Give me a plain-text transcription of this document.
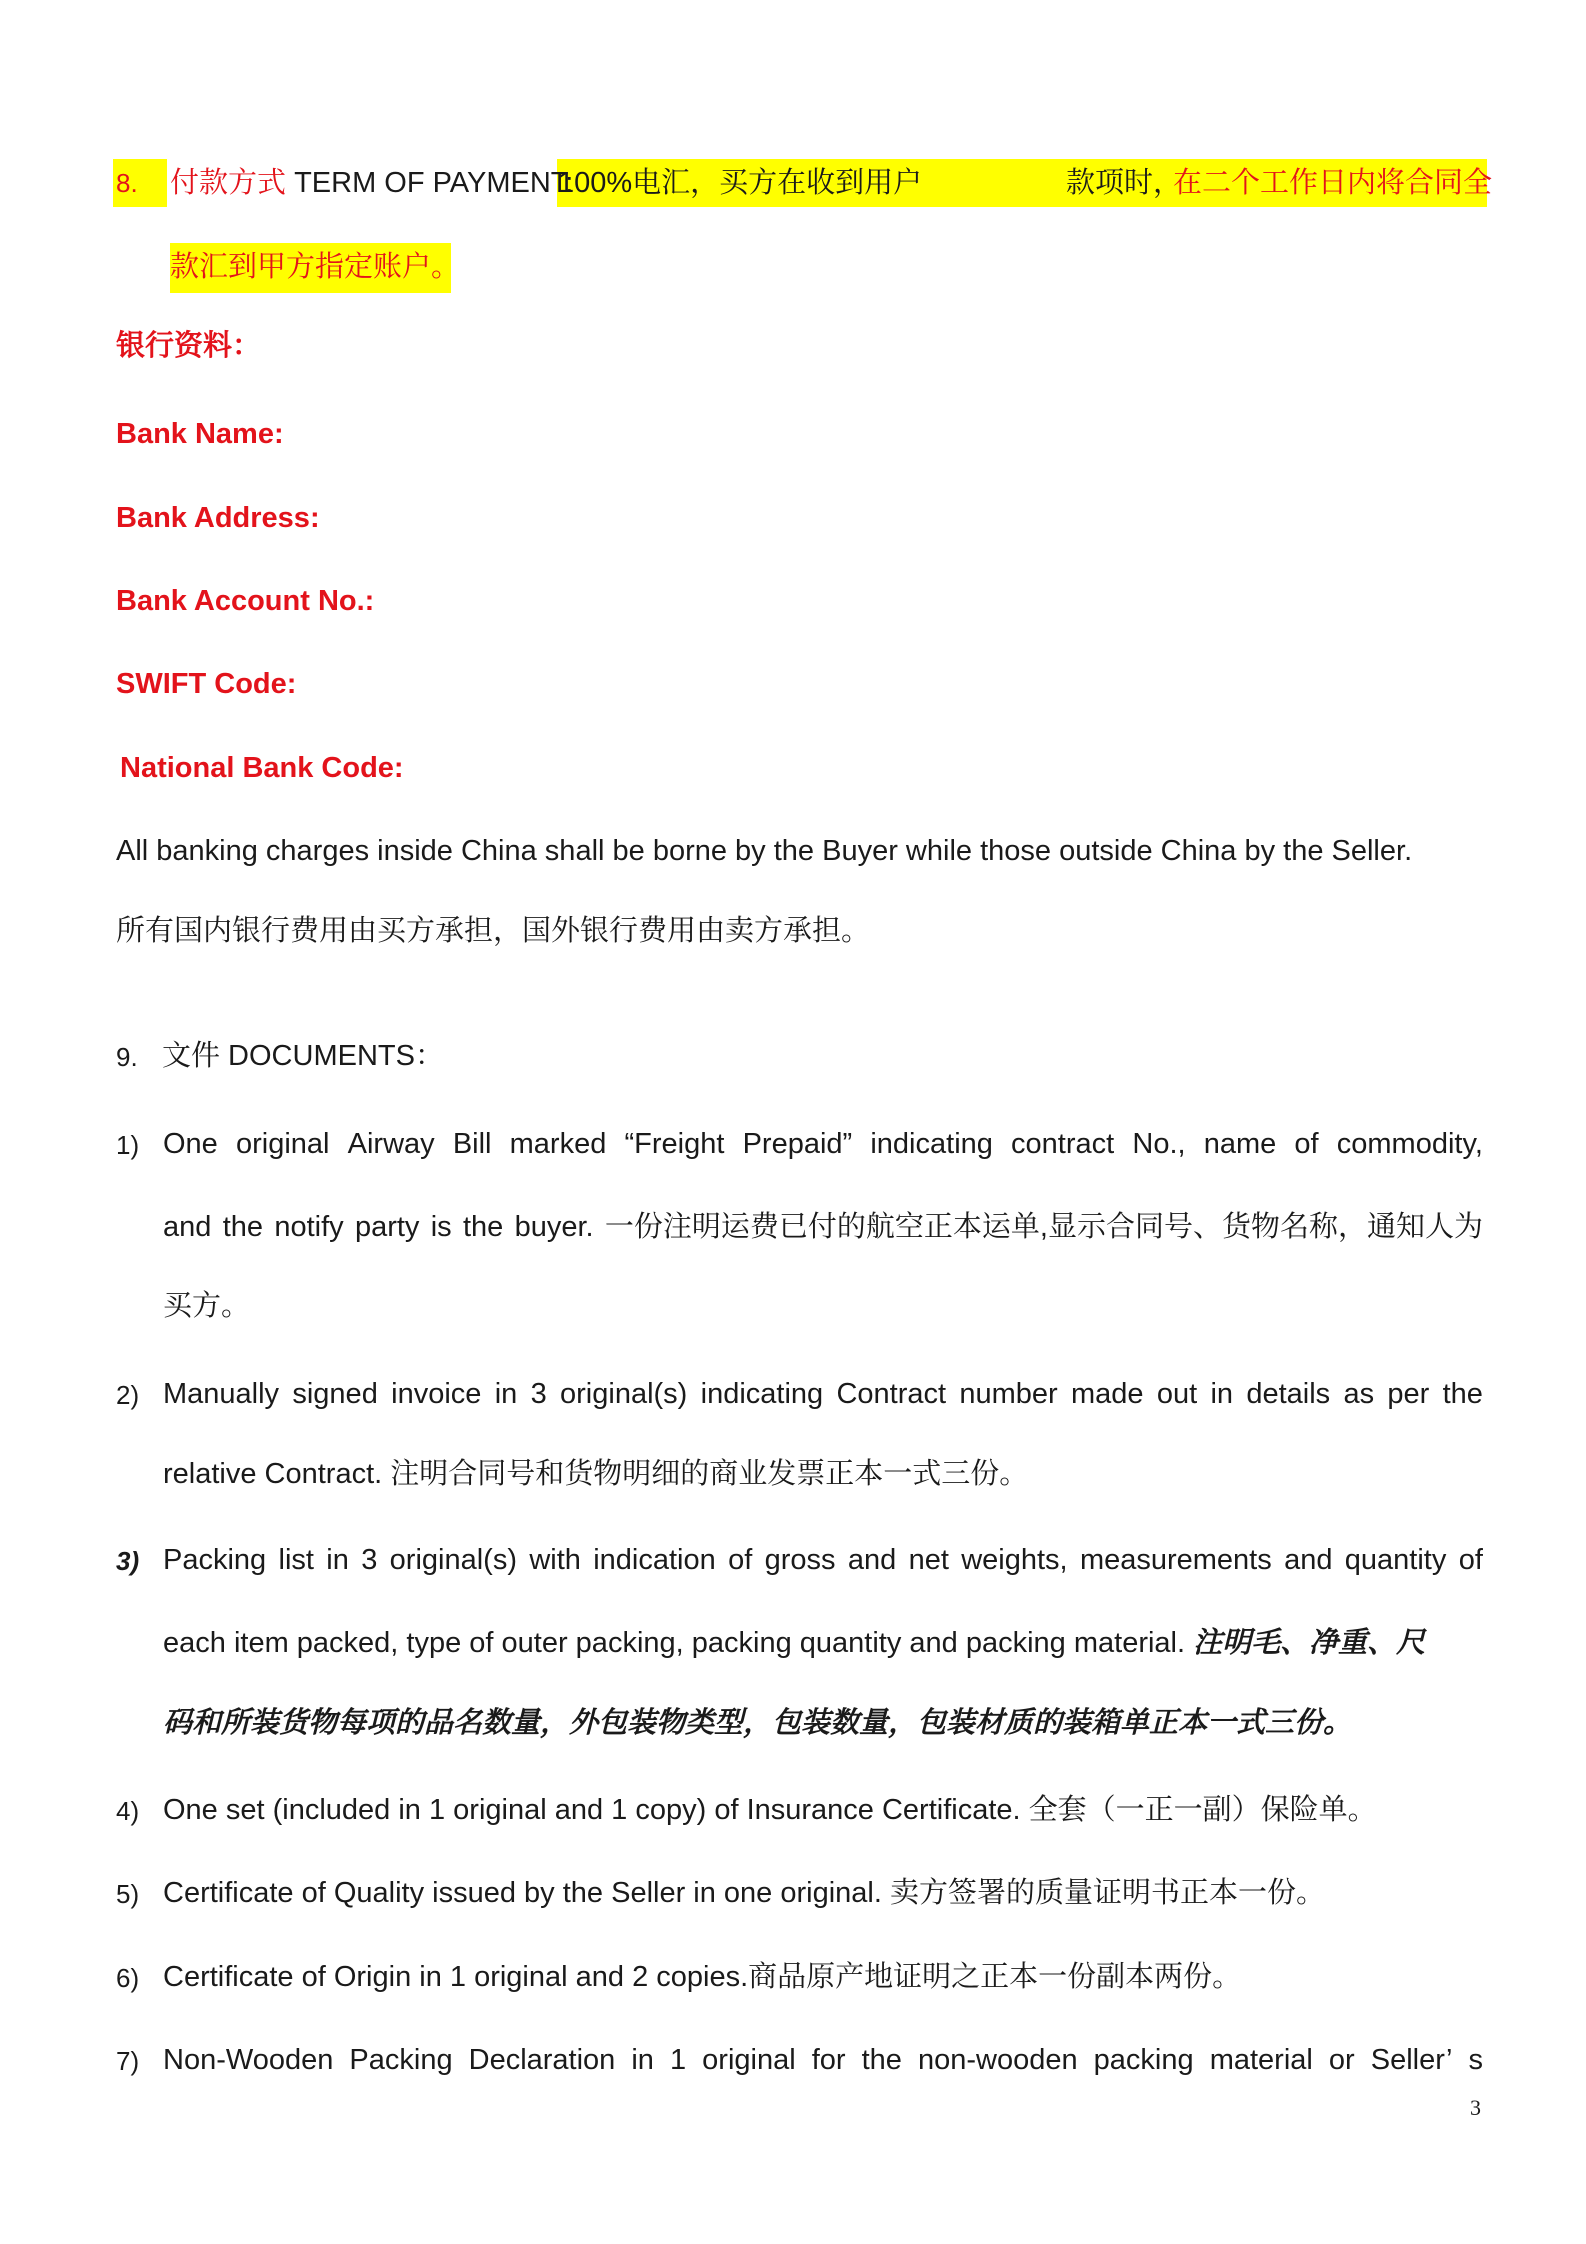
8. 付款方式 TERM OF PAYMENT:
100%电汇，买方在收到用户	款项时，
在二个工作日内将合同全
款汇到甲方指定账户。
银行资料：
Bank Name:
Bank Address:
Bank Account No.:
SWIFT Code:
National Bank Code:
All banking charges inside China shall be borne by the Buyer while those outside China by the Seller.
所有国内银行费用由买方承担，国外银行费用由卖方承担。
9. 文件 DOCUMENTS：
1) One original Airway Bill marked “Freight Prepaid” indicating contract No., name of commodity,
and the notify party is the buyer. 一份注明运费已付的航空正本运单,显示合同号、货物名称，通知人为
买方。
2) Manually signed invoice in 3 original(s) indicating Contract number made out in details as per the
relative Contract. 注明合同号和货物明细的商业发票正本一式三份。
3) Packing list in 3 original(s) with indication of gross and net weights, measurements and quantity of
each item packed, type of outer packing, packing quantity and packing material. 注明毛、净重、尺
码和所装货物每项的品名数量，外包装物类型，包装数量，包装材质的装箱单正本一式三份。
4) One set (included in 1 original and 1 copy) of Insurance Certificate. 全套（一正一副）保险单。
5) Certificate of Quality issued by the Seller in one original. 卖方签署的质量证明书正本一份。
6) Certificate of Origin in 1 original and 2 copies.商品原产地证明之正本一份副本两份。
7) Non-Wooden Packing Declaration in 1 original for the non-wooden packing material or Seller’ s
3
